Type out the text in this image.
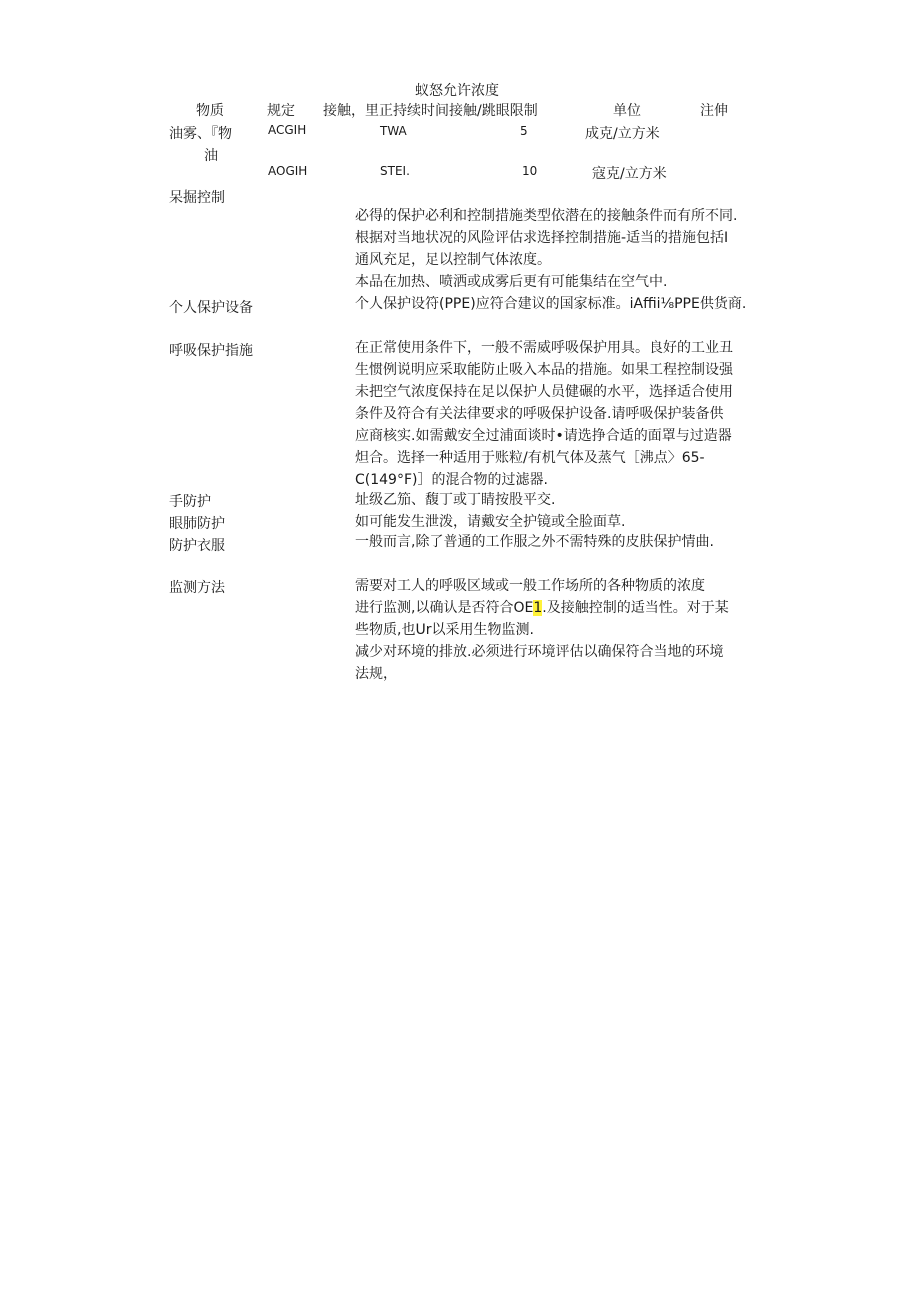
蚁怒允许浓度
物质	规定 接触，里正持续时间接触/跳眼限制	单位	注伸
油雾、『物
油
ACGIH	TWA	5	成克/立方米
AOGIH	STEI.	10	寇克/立方米
呆掘控制
必得的保护必利和控制措施类型依潜在的接触条件而有所不同.
根据对当地状况的风险评估求选择控制措施-适当的措施包括I
通风充足，足以控制气体浓度。
本品在加热、喷洒或成雾后更有可能集结在空气中.
个人保护设备	个人保护设符(PPE)应符合建议的国家标准。iAffii⅛PPE供货商.
呼吸保护指施	在正常使用条件下，一般不需威呼吸保护用具。良好的工业丑
生惯例说明应采取能防止吸入本品的措施。如果工程控制设强
未把空气浓度保持在足以保护人员健碾的水平，选择适合使用
条件及符合有关法律要求的呼吸保护设备.请呼吸保护装备供
应商核实.如需戴安全过浦面谈时•请选挣合适的面罩与过造器
炟合。选择一种适用于账粒/有机气体及蒸气［沸点〉65-
C(149°F)］的混合物的过滤器.
手防护	址级乙笳、馥丁或丁睛按股平交.
眼肺防护	如可能发生泄泼，请戴安全护镜或全脸面草.
防护衣服	一般而言,除了普通的工作服之外不需特殊的皮肤保护情曲.
监测方法	需要对工人的呼吸区域或一般工作场所的各种物质的浓度
进行监测,以确认是否符合OE1.及接触控制的适当性。对于某
些物质,也Ur以采用生物监测.
减少对环境的排放.必须进行环境评估以确保符合当地的环境
法规，
